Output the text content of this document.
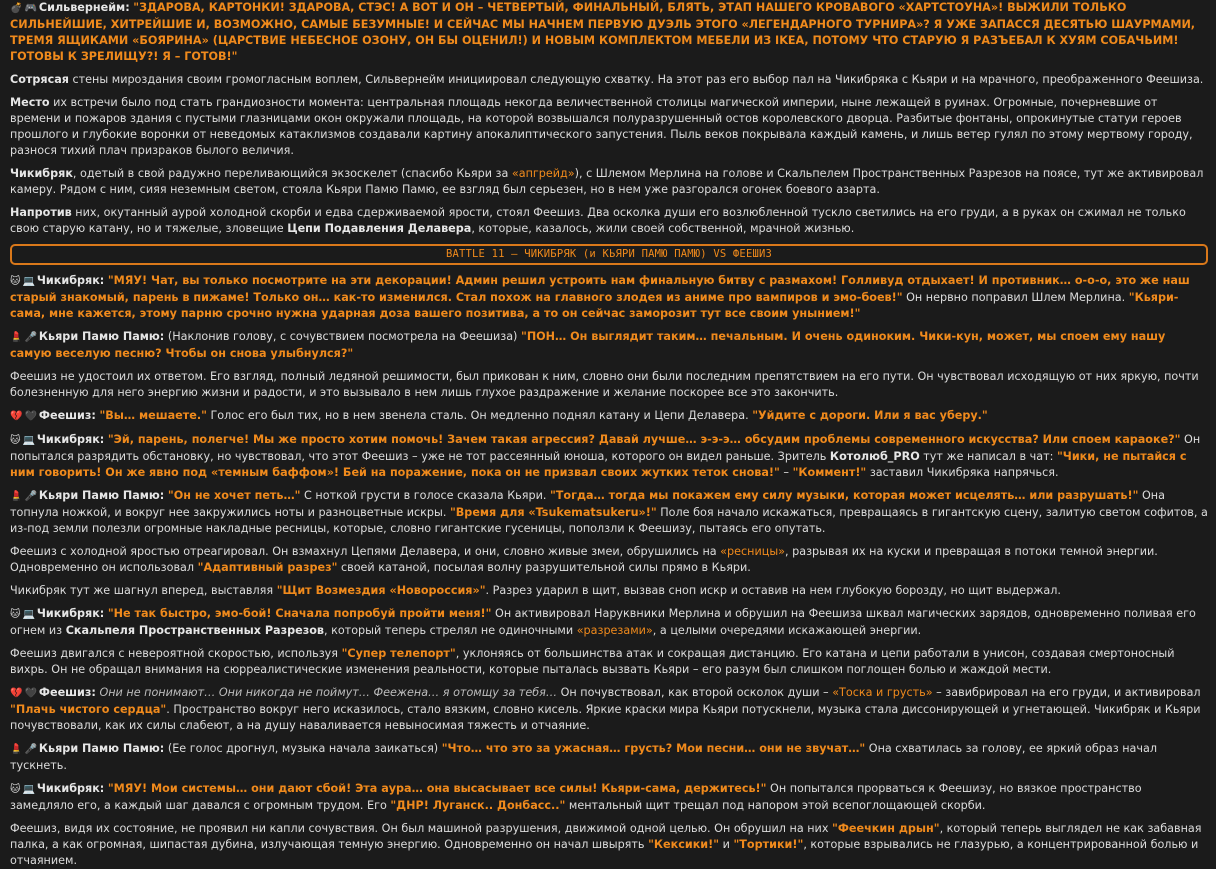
💣 🎮 Сильвернейм: "ЗДАРОВА, КАРТОНКИ! ЗДАРОВА, СТЭС! А ВОТ И ОН – ЧЕТВЕРТЫЙ, ФИНАЛЬНЫЙ, БЛЯТЬ, ЭТАП НАШЕГО КРОВАВОГО «ХАРТСТОУНА»! ВЫЖИЛИ ТОЛЬКО СИЛЬНЕЙШИЕ, ХИТРЕЙШИЕ И, ВОЗМОЖНО, САМЫЕ БЕЗУМНЫЕ! И СЕЙЧАС МЫ НАЧНЕМ ПЕРВУЮ ДУЭЛЬ ЭТОГО «ЛЕГЕНДАРНОГО ТУРНИРА»? Я УЖЕ ЗАПАССЯ ДЕСЯТЬЮ ШАУРМАМИ, ТРЕМЯ ЯЩИКАМИ «БОЯРИНА» (ЦАРСТВИЕ НЕБЕСНОЕ ОЗОНУ, ОН БЫ ОЦЕНИЛ!) И НОВЫМ КОМПЛЕКТОМ МЕБЕЛИ ИЗ IKEA, ПОТОМУ ЧТО СТАРУЮ Я РАЗЪЕБАЛ К ХУЯМ СОБАЧЬИМ! ГОТОВЫ К ЗРЕЛИЩУ?! Я – ГОТОВ!"

Сотрясая стены мироздания своим громогласным воплем, Сильвернейм инициировал следующую схватку. На этот раз его выбор пал на Чикибряка с Кьяри и на мрачного, преображенного Феешиза.

Место их встречи было под стать грандиозности момента: центральная площадь некогда величественной столицы магической империи, ныне лежащей в руинах. Огромные, почерневшие от времени и пожаров здания с пустыми глазницами окон окружали площадь, на которой возвышался полуразрушенный остов королевского дворца. Разбитые фонтаны, опрокинутые статуи героев прошлого и глубокие воронки от неведомых катаклизмов создавали картину апокалиптического запустения. Пыль веков покрывала каждый камень, и лишь ветер гулял по этому мертвому городу, разнося тихий плач призраков былого величия.

Чикибряк, одетый в свой радужно переливающийся экзоскелет (спасибо Кьяри за «апгрейд»), с Шлемом Мерлина на голове и Скальпелем Пространственных Разрезов на поясе, тут же активировал камеру. Рядом с ним, сияя неземным светом, стояла Кьяри Памю Памю, ее взгляд был серьезен, но в нем уже разгорался огонек боевого азарта.

Напротив них, окутанный аурой холодной скорби и едва сдерживаемой ярости, стоял Феешиз. Два осколка души его возлюбленной тускло светились на его груди, а в руках он сжимал не только свою старую катану, но и тяжелые, зловещие Цепи Подавления Делавера, которые, казалось, жили своей собственной, мрачной жизнью.

BATTLE 11 – ЧИКИБРЯК (и КЬЯРИ ПАМЮ ПАМЮ) VS ФЕЕШИЗ

🐱 💻 Чикибряк: "МЯУ! Чат, вы только посмотрите на эти декорации! Админ решил устроить нам финальную битву с размахом! Голливуд отдыхает! И противник… о-о-о, это же наш старый знакомый, парень в пижаме! Только он… как-то изменился. Стал похож на главного злодея из аниме про вампиров и эмо-боев!" Он нервно поправил Шлем Мерлина. "Кьяри-сама, мне кажется, этому парню срочно нужна ударная доза вашего позитива, а то он сейчас заморозит тут все своим унынием!"

💄 🎤 Кьяри Памю Памю: (Наклонив голову, с сочувствием посмотрела на Феешиза) "ПОН… Он выглядит таким… печальным. И очень одиноким. Чики-кун, может, мы споем ему нашу самую веселую песню? Чтобы он снова улыбнулся?"

Феешиз не удостоил их ответом. Его взгляд, полный ледяной решимости, был прикован к ним, словно они были последним препятствием на его пути. Он чувствовал исходящую от них яркую, почти болезненную для него энергию жизни и радости, и это вызывало в нем лишь глухое раздражение и желание поскорее все это закончить.

💔 🖤 Феешиз: "Вы… мешаете." Голос его был тих, но в нем звенела сталь. Он медленно поднял катану и Цепи Делавера. "Уйдите с дороги. Или я вас уберу."

🐱 💻 Чикибряк: "Эй, парень, полегче! Мы же просто хотим помочь! Зачем такая агрессия? Давай лучше… э-э-э… обсудим проблемы современного искусства? Или споем караоке?" Он попытался разрядить обстановку, но чувствовал, что этот Феешиз – уже не тот рассеянный юноша, которого он видел раньше. Зритель Котолюб_PRO тут же написал в чат: "Чики, не пытайся с ним говорить! Он же явно под «темным баффом»! Бей на поражение, пока он не призвал своих жутких теток снова!" – "Коммент!" заставил Чикибряка напрячься.

💄 🎤 Кьяри Памю Памю: "Он не хочет петь…" С ноткой грусти в голосе сказала Кьяри. "Тогда… тогда мы покажем ему силу музыки, которая может исцелять… или разрушать!" Она топнула ножкой, и вокруг нее закружились ноты и разноцветные искры. "Время для «Tsukematsukeru»!" Поле боя начало искажаться, превращаясь в гигантскую сцену, залитую светом софитов, а из-под земли полезли огромные накладные ресницы, которые, словно гигантские гусеницы, поползли к Феешизу, пытаясь его опутать.

Феешиз с холодной яростью отреагировал. Он взмахнул Цепями Делавера, и они, словно живые змеи, обрушились на «ресницы», разрывая их на куски и превращая в потоки темной энергии. Одновременно он использовал "Адаптивный разрез" своей катаной, посылая волну разрушительной силы прямо в Кьяри.

Чикибряк тут же шагнул вперед, выставляя "Щит Возмездия «Новороссия»". Разрез ударил в щит, вызвав сноп искр и оставив на нем глубокую борозду, но щит выдержал.

🐱 💻 Чикибряк: "Не так быстро, эмо-бой! Сначала попробуй пройти меня!" Он активировал Наруквники Мерлина и обрушил на Феешиза шквал магических зарядов, одновременно поливая его огнем из Скальпеля Пространственных Разрезов, который теперь стрелял не одиночными «разрезами», а целыми очередями искажающей энергии.

Феешиз двигался с невероятной скоростью, используя "Супер телепорт", уклоняясь от большинства атак и сокращая дистанцию. Его катана и цепи работали в унисон, создавая смертоносный вихрь. Он не обращал внимания на сюрреалистические изменения реальности, которые пыталась вызвать Кьяри – его разум был слишком поглощен болью и жаждой мести.

💔 🖤 Феешиз: Они не понимают… Они никогда не поймут… Феежена… я отомщу за тебя… Он почувствовал, как второй осколок души – «Тоска и грусть» – завибрировал на его груди, и активировал "Плачь чистого сердца". Пространство вокруг него исказилось, стало вязким, словно кисель. Яркие краски мира Кьяри потускнели, музыка стала диссонирующей и угнетающей. Чикибряк и Кьяри почувствовали, как их силы слабеют, а на душу наваливается невыносимая тяжесть и отчаяние.

💄 🎤 Кьяри Памю Памю: (Ее голос дрогнул, музыка начала заикаться) "Что… что это за ужасная… грусть? Мои песни… они не звучат…" Она схватилась за голову, ее яркий образ начал тускнеть.

🐱 💻 Чикибряк: "МЯУ! Мои системы… они дают сбой! Эта аура… она высасывает все силы! Кьяри-сама, держитесь!" Он попытался прорваться к Феешизу, но вязкое пространство замедляло его, а каждый шаг давался с огромным трудом. Его "ДНР! Луганск.. Донбасс.." ментальный щит трещал под напором этой всепоглощающей скорби.

Феешиз, видя их состояние, не проявил ни капли сочувствия. Он был машиной разрушения, движимой одной целью. Он обрушил на них "Феечкин дрын", который теперь выглядел не как забавная палка, а как огромная, шипастая дубина, излучающая темную энергию. Одновременно он начал швырять "Кексики!" и "Тортики!", которые взрывались не глазурью, а концентрированной болью и отчаянием.
